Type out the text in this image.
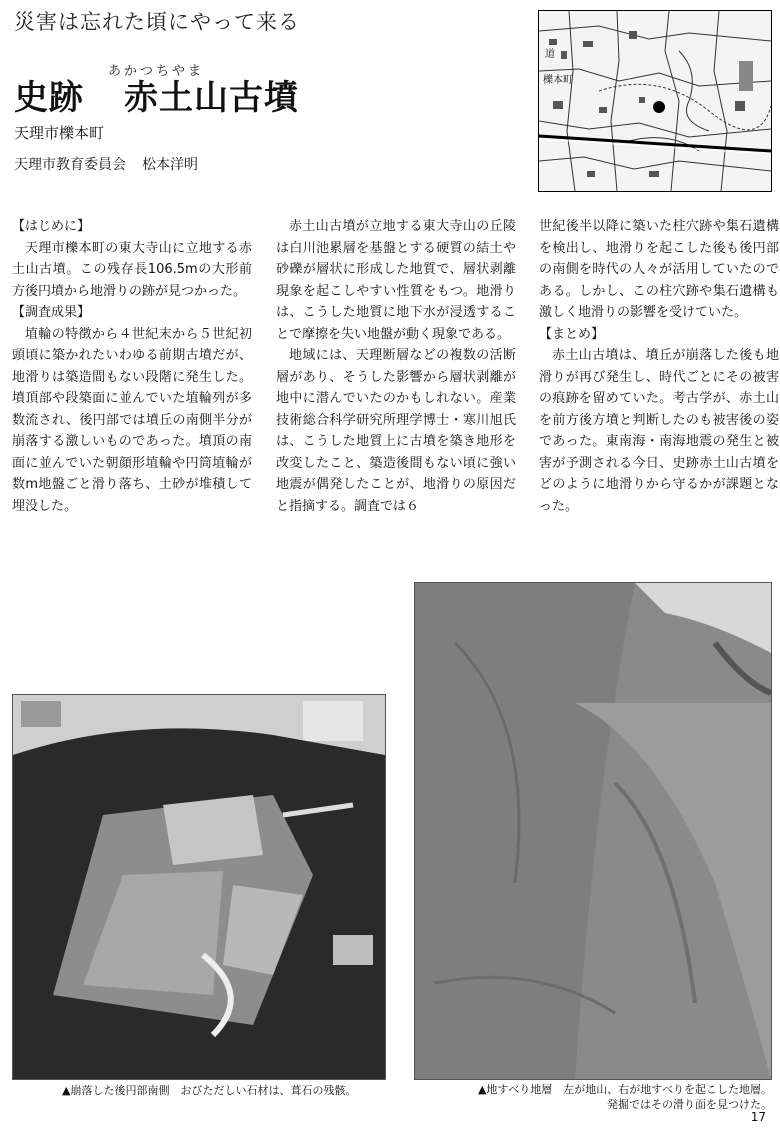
災害は忘れた頃にやって来る
あかつちやま
史跡 赤土山古墳
天理市櫟本町
天理市教育委員会 松本洋明
道
櫟本町

【はじめに】

天理市櫟本町の東大寺山に立地する赤土山古墳。この残存長106.5mの大形前方後円墳から地滑りの跡が見つかった。

【調査成果】

埴輪の特徴から４世紀末から５世紀初頭頃に築かれたいわゆる前期古墳だが、地滑りは築造間もない段階に発生した。墳頂部や段築面に並んでいた埴輪列が多数流され、後円部では墳丘の南側半分が崩落する激しいものであった。墳頂の南面に並んでいた朝顔形埴輪や円筒埴輪が数m地盤ごと滑り落ち、土砂が堆積して埋没した。

赤土山古墳が立地する東大寺山の丘陵は白川池累層を基盤とする硬質の結土や砂礫が層状に形成した地質で、層状剥離現象を起こしやすい性質をもつ。地滑りは、こうした地質に地下水が浸透することで摩擦を失い地盤が動く現象である。

地域には、天理断層などの複数の活断層があり、そうした影響から層状剥離が地中に潜んでいたのかもしれない。産業技術総合科学研究所理学博士・寒川旭氏は、こうした地質上に古墳を築き地形を改変したこと、築造後間もない頃に強い地震が偶発したことが、地滑りの原因だと指摘する。調査では６

世紀後半以降に築いた柱穴跡や集石遺構を検出し、地滑りを起こした後も後円部の南側を時代の人々が活用していたのである。しかし、この柱穴跡や集石遺構も激しく地滑りの影響を受けていた。

【まとめ】

赤土山古墳は、墳丘が崩落した後も地滑りが再び発生し、時代ごとにその被害の痕跡を留めていた。考古学が、赤土山を前方後方墳と判断したのも被害後の姿であった。東南海・南海地震の発生と被害が予測される今日、史跡赤土山古墳をどのように地滑りから守るかが課題となった。

▲崩落した後円部南側　おびただしい石材は、葺石の残骸。	▲地すべり地層　左が地山、右が地すべりを起こした地層。
発掘ではその滑り面を見つけた。
17
